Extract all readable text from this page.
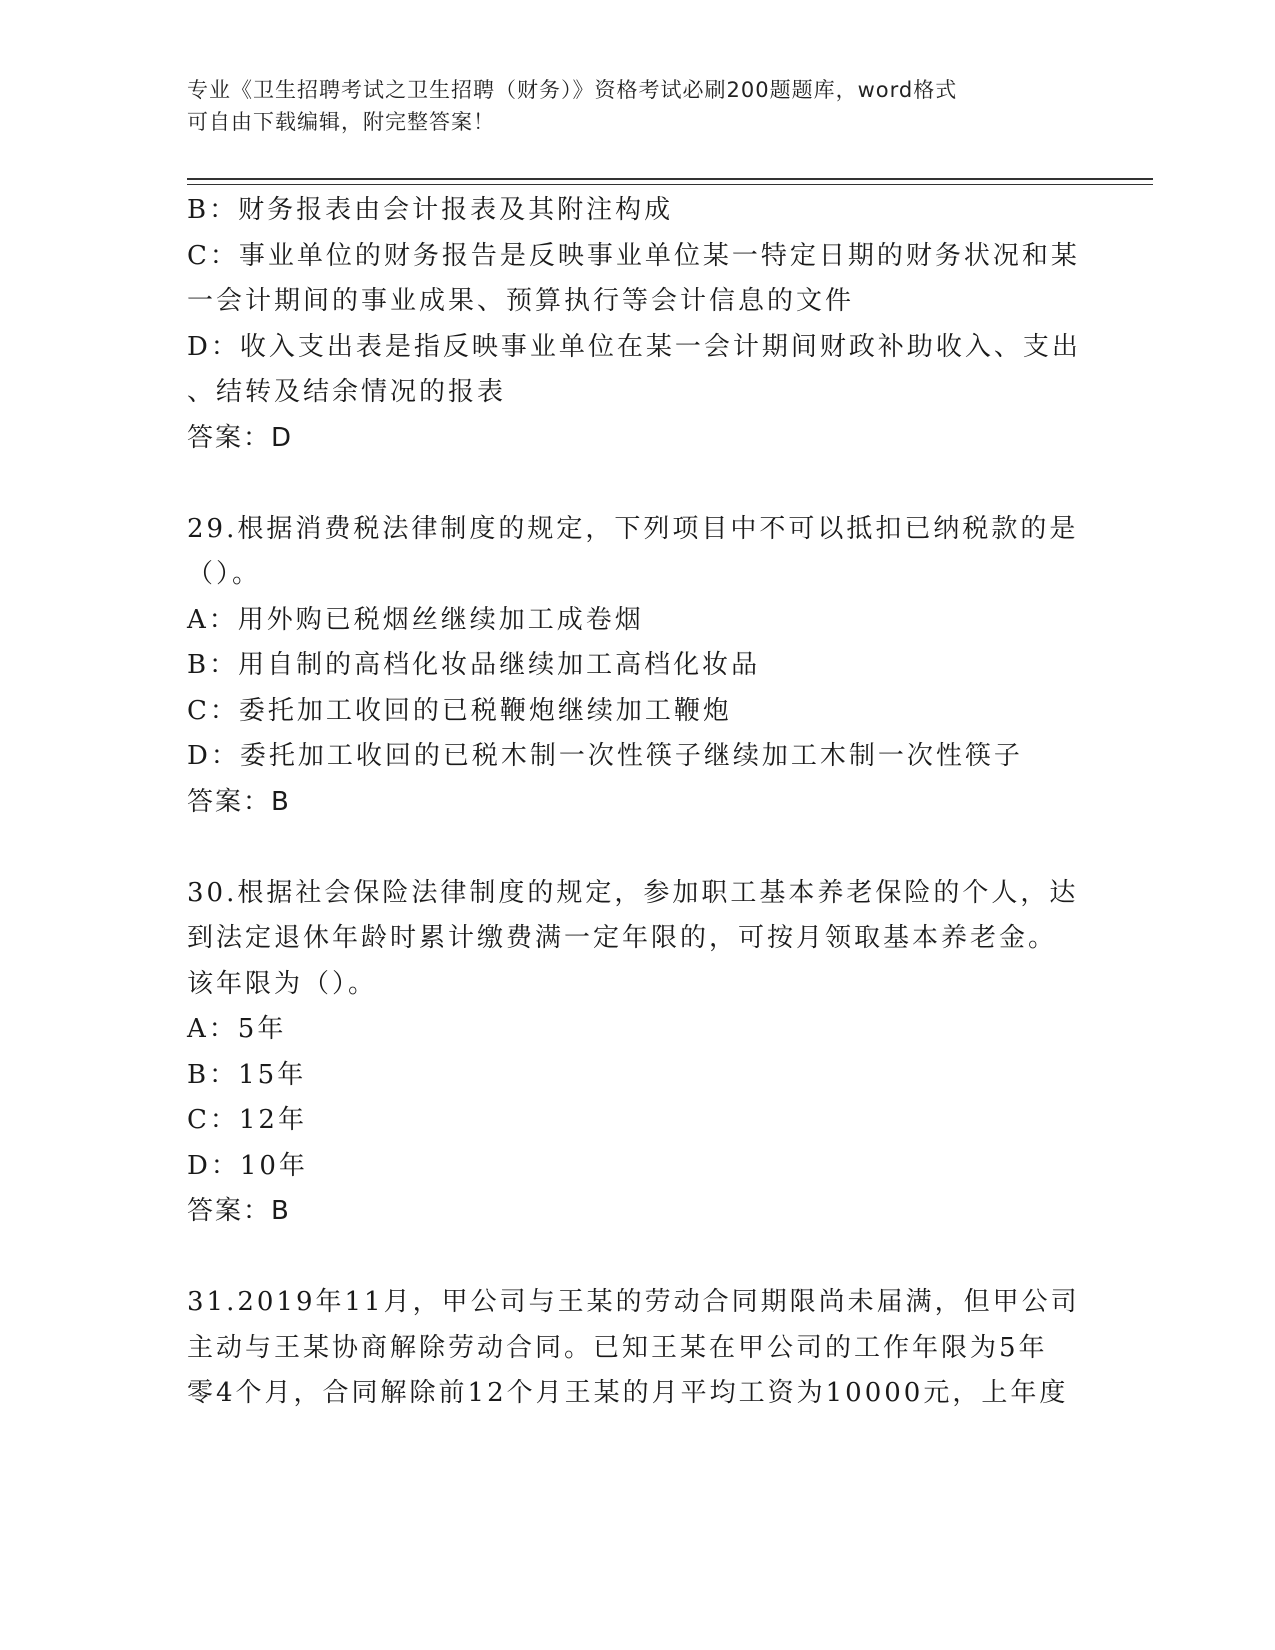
专业《卫生招聘考试之卫生招聘（财务）》资格考试必刷200题题库，word格式
可自由下载编辑，附完整答案！
B：财务报表由会计报表及其附注构成
C：事业单位的财务报告是反映事业单位某一特定日期的财务状况和某
一会计期间的事业成果、预算执行等会计信息的文件
D：收入支出表是指反映事业单位在某一会计期间财政补助收入、支出
、结转及结余情况的报表
答案：D
29.根据消费税法律制度的规定，下列项目中不可以抵扣已纳税款的是
（）。
A：用外购已税烟丝继续加工成卷烟
B：用自制的高档化妆品继续加工高档化妆品
C：委托加工收回的已税鞭炮继续加工鞭炮
D：委托加工收回的已税木制一次性筷子继续加工木制一次性筷子
答案：B
30.根据社会保险法律制度的规定，参加职工基本养老保险的个人，达
到法定退休年龄时累计缴费满一定年限的，可按月领取基本养老金。
该年限为（）。
A：5年
B：15年
C：12年
D：10年
答案：B
31.2019年11月，甲公司与王某的劳动合同期限尚未届满，但甲公司
主动与王某协商解除劳动合同。已知王某在甲公司的工作年限为5年
零4个月，合同解除前12个月王某的月平均工资为10000元，上年度
